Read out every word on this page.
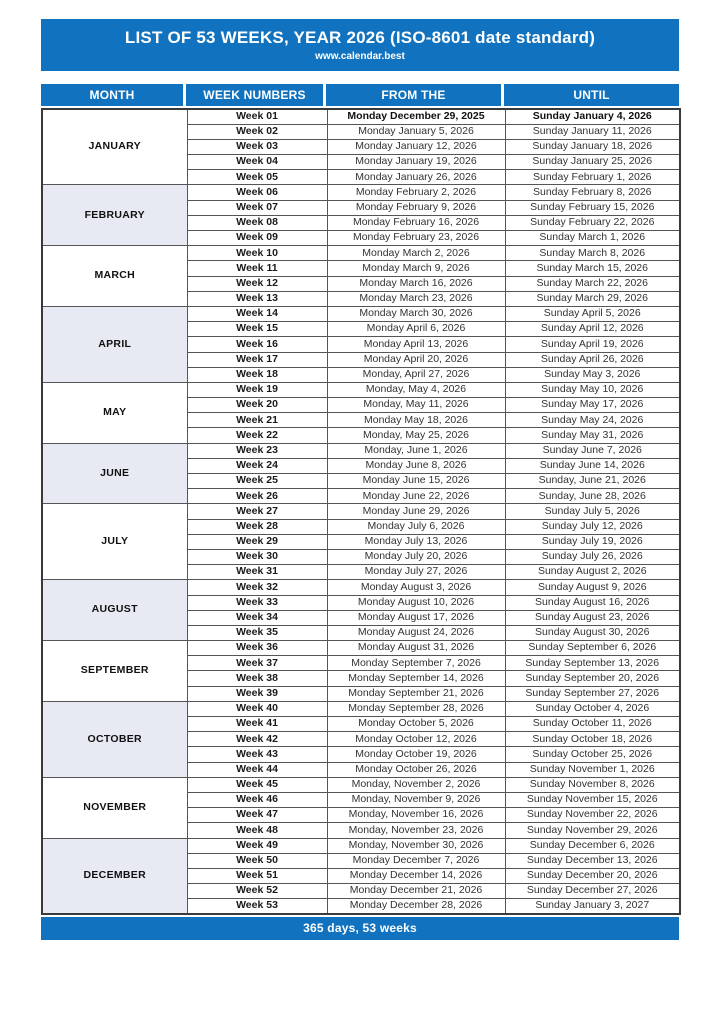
LIST OF 53 WEEKS, YEAR 2026 (ISO-8601 date standard)
www.calendar.best
MONTH	WEEK NUMBERS	FROM THE	UNTIL
JANUARY	Week 01	Monday December 29, 2025	Sunday January 4, 2026
	Week 02	Monday January 5, 2026	Sunday January 11, 2026
	Week 03	Monday January 12, 2026	Sunday January 18, 2026
	Week 04	Monday January 19, 2026	Sunday January 25, 2026
	Week 05	Monday January 26, 2026	Sunday February 1, 2026
FEBRUARY	Week 06	Monday February 2, 2026	Sunday February 8, 2026
	Week 07	Monday February 9, 2026	Sunday February 15, 2026
	Week 08	Monday February 16, 2026	Sunday February 22, 2026
	Week 09	Monday February 23, 2026	Sunday March 1, 2026
MARCH	Week 10	Monday March 2, 2026	Sunday March 8, 2026
	Week 11	Monday March 9, 2026	Sunday March 15, 2026
	Week 12	Monday March 16, 2026	Sunday March 22, 2026
	Week 13	Monday March 23, 2026	Sunday March 29, 2026
APRIL	Week 14	Monday March 30, 2026	Sunday April 5, 2026
	Week 15	Monday April 6, 2026	Sunday April 12, 2026
	Week 16	Monday April 13, 2026	Sunday April 19, 2026
	Week 17	Monday April 20, 2026	Sunday April 26, 2026
	Week 18	Monday, April 27, 2026	Sunday May 3, 2026
MAY	Week 19	Monday, May 4, 2026	Sunday May 10, 2026
	Week 20	Monday, May 11, 2026	Sunday May 17, 2026
	Week 21	Monday May 18, 2026	Sunday May 24, 2026
	Week 22	Monday, May 25, 2026	Sunday May 31, 2026
JUNE	Week 23	Monday, June 1, 2026	Sunday June 7, 2026
	Week 24	Monday June 8, 2026	Sunday June 14, 2026
	Week 25	Monday June 15, 2026	Sunday, June 21, 2026
	Week 26	Monday June 22, 2026	Sunday, June 28, 2026
JULY	Week 27	Monday June 29, 2026	Sunday July 5, 2026
	Week 28	Monday July 6, 2026	Sunday July 12, 2026
	Week 29	Monday July 13, 2026	Sunday July 19, 2026
	Week 30	Monday July 20, 2026	Sunday July 26, 2026
	Week 31	Monday July 27, 2026	Sunday August 2, 2026
AUGUST	Week 32	Monday August 3, 2026	Sunday August 9, 2026
	Week 33	Monday August 10, 2026	Sunday August 16, 2026
	Week 34	Monday August 17, 2026	Sunday August 23, 2026
	Week 35	Monday August 24, 2026	Sunday August 30, 2026
SEPTEMBER	Week 36	Monday August 31, 2026	Sunday September 6, 2026
	Week 37	Monday September 7, 2026	Sunday September 13, 2026
	Week 38	Monday September 14, 2026	Sunday September 20, 2026
	Week 39	Monday September 21, 2026	Sunday September 27, 2026
OCTOBER	Week 40	Monday September 28, 2026	Sunday October 4, 2026
	Week 41	Monday October 5, 2026	Sunday October 11, 2026
	Week 42	Monday October 12, 2026	Sunday October 18, 2026
	Week 43	Monday October 19, 2026	Sunday October 25, 2026
	Week 44	Monday October 26, 2026	Sunday November 1, 2026
NOVEMBER	Week 45	Monday, November 2, 2026	Sunday November 8, 2026
	Week 46	Monday, November 9, 2026	Sunday November 15, 2026
	Week 47	Monday, November 16, 2026	Sunday November 22, 2026
	Week 48	Monday, November 23, 2026	Sunday November 29, 2026
DECEMBER	Week 49	Monday, November 30, 2026	Sunday December 6, 2026
	Week 50	Monday December 7, 2026	Sunday December 13, 2026
	Week 51	Monday December 14, 2026	Sunday December 20, 2026
	Week 52	Monday December 21, 2026	Sunday December 27, 2026
	Week 53	Monday December 28, 2026	Sunday January 3, 2027
365 days, 53 weeks
